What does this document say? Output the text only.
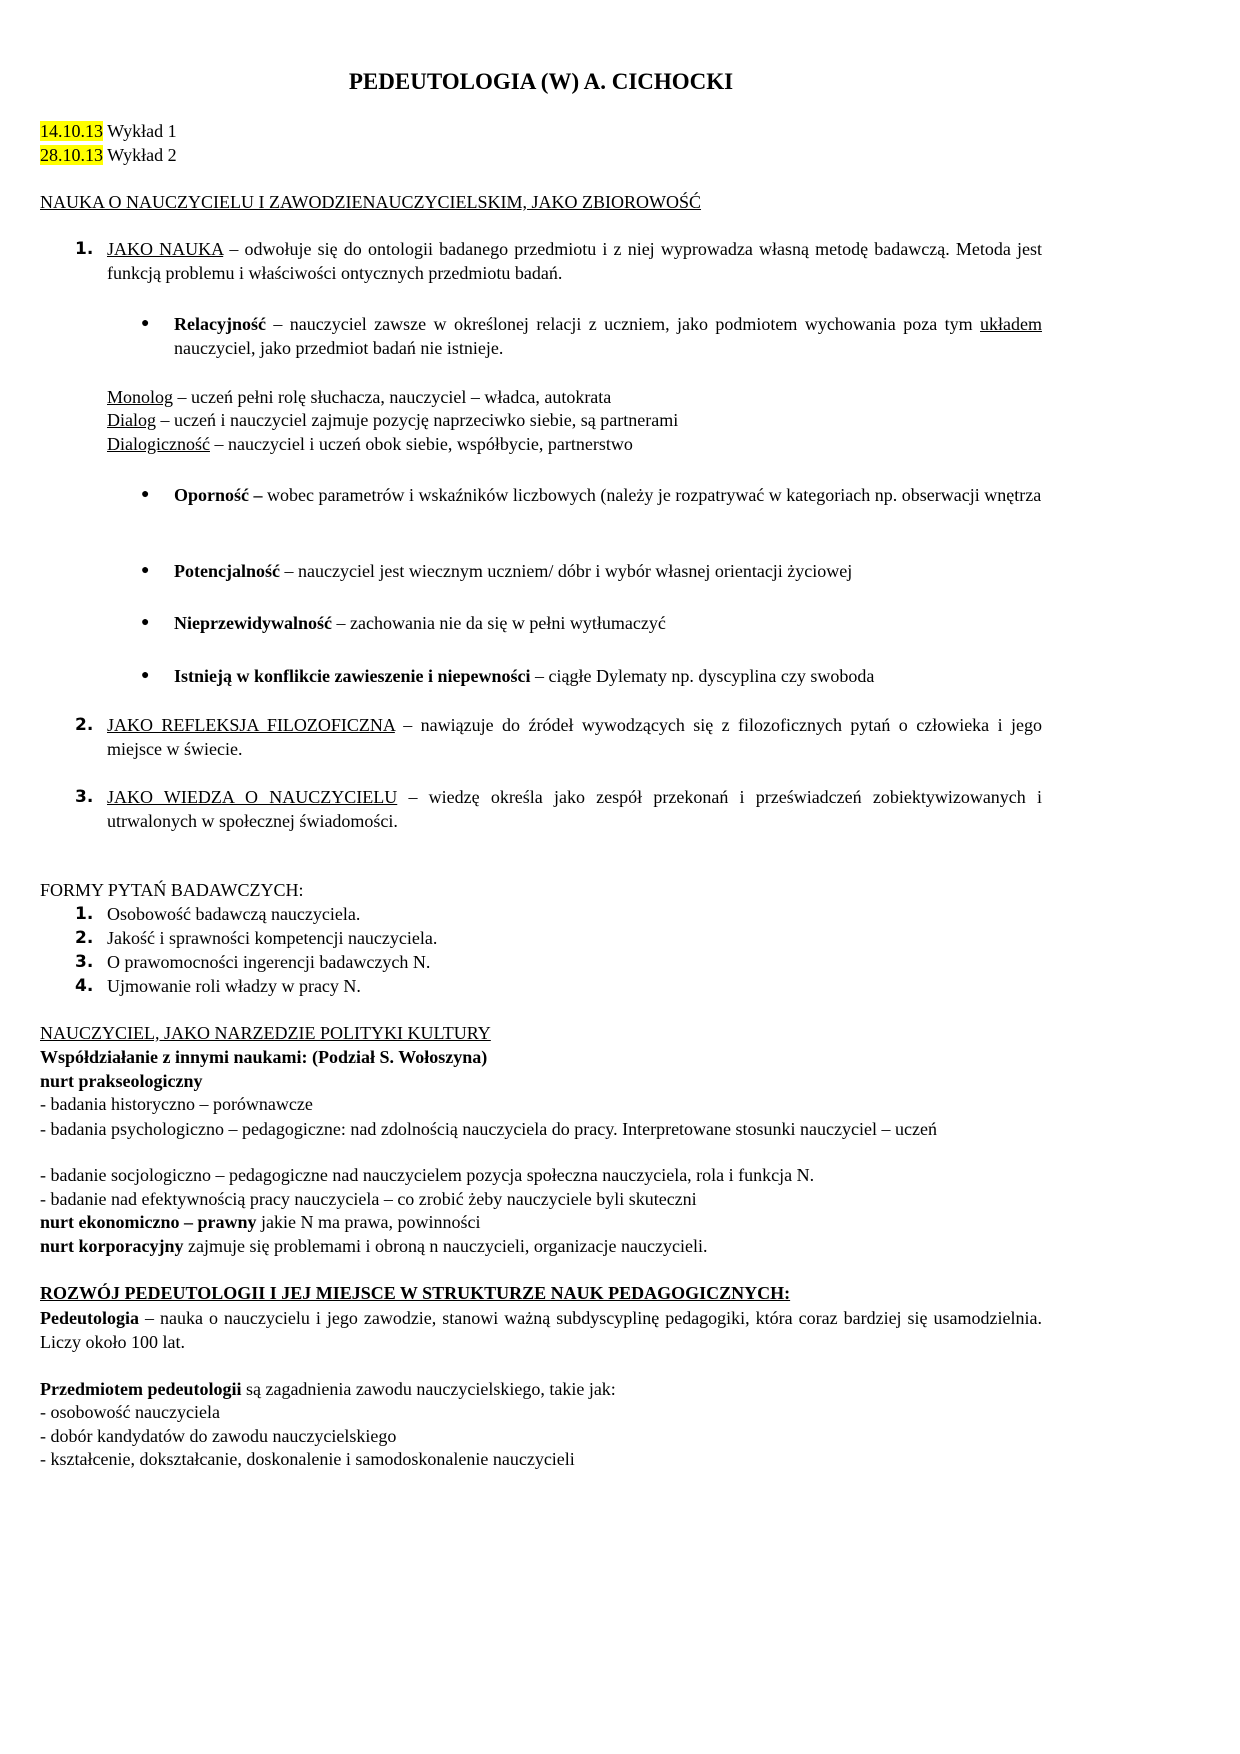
PEDEUTOLOGIA (W) A. CICHOCKI
14.10.13 Wykład 1
28.10.13 Wykład 2
NAUKA O NAUCZYCIELU I ZAWODZIENAUCZYCIELSKIM, JAKO ZBIOROWOŚĆ
1. JAKO NAUKA – odwołuje się do ontologii badanego przedmiotu i z niej wyprowadza własną metodę badawczą. Metoda jest funkcją problemu i właściwości ontycznych przedmiotu badań.
● Relacyjność – nauczyciel zawsze w określonej relacji z uczniem, jako podmiotem wychowania poza tym układem nauczyciel, jako przedmiot badań nie istnieje.
Monolog – uczeń pełni rolę słuchacza, nauczyciel – władca, autokrata
Dialog – uczeń i nauczyciel zajmuje pozycję naprzeciwko siebie, są partnerami
Dialogiczność – nauczyciel i uczeń obok siebie, współbycie, partnerstwo
● Oporność – wobec parametrów i wskaźników liczbowych (należy je rozpatrywać w kategoriach np. obserwacji wnętrza
● Potencjalność – nauczyciel jest wiecznym uczniem/ dóbr i wybór własnej orientacji życiowej
● Nieprzewidywalność – zachowania nie da się w pełni wytłumaczyć
● Istnieją w konflikcie zawieszenie i niepewności – ciągłe Dylematy np. dyscyplina czy swoboda
2. JAKO REFLEKSJA FILOZOFICZNA – nawiązuje do źródeł wywodzących się z filozoficznych pytań o człowieka i jego miejsce w świecie.
3. JAKO WIEDZA O NAUCZYCIELU – wiedzę określa jako zespół przekonań i przeświadczeń zobiektywizowanych i utrwalonych w społecznej świadomości.
FORMY PYTAŃ BADAWCZYCH:
1. Osobowość badawczą nauczyciela.
2. Jakość i sprawności kompetencji nauczyciela.
3. O prawomocności ingerencji badawczych N.
4. Ujmowanie roli władzy w pracy N.
NAUCZYCIEL, JAKO NARZEDZIE POLITYKI KULTURY
Współdziałanie z innymi naukami: (Podział S. Wołoszyna)
nurt prakseologiczny
- badania historyczno – porównawcze
- badania psychologiczno – pedagogiczne: nad zdolnością nauczyciela do pracy. Interpretowane stosunki nauczyciel – uczeń
- badanie socjologiczno – pedagogiczne nad nauczycielem pozycja społeczna nauczyciela, rola i funkcja N.
- badanie nad efektywnością pracy nauczyciela – co zrobić żeby nauczyciele byli skuteczni
nurt ekonomiczno – prawny jakie N ma prawa, powinności
nurt korporacyjny zajmuje się problemami i obroną n nauczycieli, organizacje nauczycieli.
ROZWÓJ PEDEUTOLOGII I JEJ MIEJSCE W STRUKTURZE NAUK PEDAGOGICZNYCH:
Pedeutologia – nauka o nauczycielu i jego zawodzie, stanowi ważną subdyscyplinę pedagogiki, która coraz bardziej się usamodzielnia. Liczy około 100 lat.
Przedmiotem pedeutologii są zagadnienia zawodu nauczycielskiego, takie jak:
- osobowość nauczyciela
- dobór kandydatów do zawodu nauczycielskiego
- kształcenie, dokształcanie, doskonalenie i samodoskonalenie nauczycieli
